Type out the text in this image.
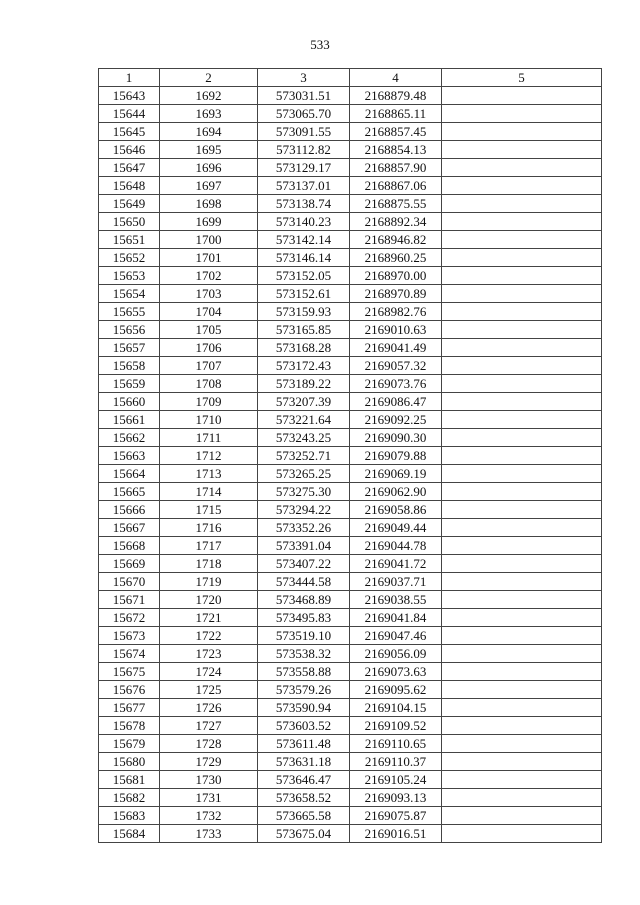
533
1	2	3	4	5
15643	1692	573031.51	2168879.48	
15644	1693	573065.70	2168865.11	
15645	1694	573091.55	2168857.45	
15646	1695	573112.82	2168854.13	
15647	1696	573129.17	2168857.90	
15648	1697	573137.01	2168867.06	
15649	1698	573138.74	2168875.55	
15650	1699	573140.23	2168892.34	
15651	1700	573142.14	2168946.82	
15652	1701	573146.14	2168960.25	
15653	1702	573152.05	2168970.00	
15654	1703	573152.61	2168970.89	
15655	1704	573159.93	2168982.76	
15656	1705	573165.85	2169010.63	
15657	1706	573168.28	2169041.49	
15658	1707	573172.43	2169057.32	
15659	1708	573189.22	2169073.76	
15660	1709	573207.39	2169086.47	
15661	1710	573221.64	2169092.25	
15662	1711	573243.25	2169090.30	
15663	1712	573252.71	2169079.88	
15664	1713	573265.25	2169069.19	
15665	1714	573275.30	2169062.90	
15666	1715	573294.22	2169058.86	
15667	1716	573352.26	2169049.44	
15668	1717	573391.04	2169044.78	
15669	1718	573407.22	2169041.72	
15670	1719	573444.58	2169037.71	
15671	1720	573468.89	2169038.55	
15672	1721	573495.83	2169041.84	
15673	1722	573519.10	2169047.46	
15674	1723	573538.32	2169056.09	
15675	1724	573558.88	2169073.63	
15676	1725	573579.26	2169095.62	
15677	1726	573590.94	2169104.15	
15678	1727	573603.52	2169109.52	
15679	1728	573611.48	2169110.65	
15680	1729	573631.18	2169110.37	
15681	1730	573646.47	2169105.24	
15682	1731	573658.52	2169093.13	
15683	1732	573665.58	2169075.87	
15684	1733	573675.04	2169016.51	
